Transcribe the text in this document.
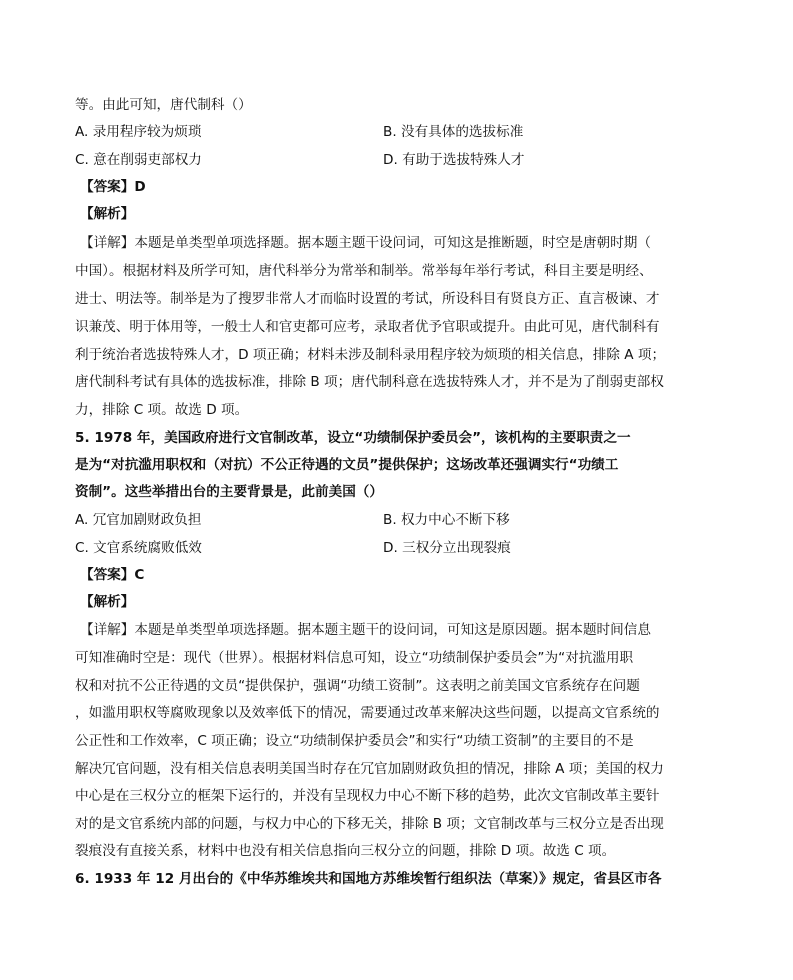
等。由此可知，唐代制科（）
A. 录用程序较为烦琐	B. 没有具体的选拔标准
C. 意在削弱吏部权力	D. 有助于选拔特殊人才
【答案】D
【解析】
【详解】本题是单类型单项选择题。据本题主题干设问词，可知这是推断题，时空是唐朝时期（
中国）。根据材料及所学可知，唐代科举分为常举和制举。常举每年举行考试，科目主要是明经、
进士、明法等。制举是为了搜罗非常人才而临时设置的考试，所设科目有贤良方正、直言极谏、才
识兼茂、明于体用等，一般士人和官吏都可应考，录取者优予官职或提升。由此可见，唐代制科有
利于统治者选拔特殊人才，D 项正确；材料未涉及制科录用程序较为烦琐的相关信息，排除 A 项；
唐代制科考试有具体的选拔标准，排除 B 项；唐代制科意在选拔特殊人才，并不是为了削弱吏部权
力，排除 C 项。故选 D 项。
5. 1978 年，美国政府进行文官制改革，设立“功绩制保护委员会”，该机构的主要职责之一
是为“对抗滥用职权和（对抗）不公正待遇的文员”提供保护；这场改革还强调实行“功绩工
资制”。这些举措出台的主要背景是，此前美国（）
A. 冗官加剧财政负担	B. 权力中心不断下移
C. 文官系统腐败低效	D. 三权分立出现裂痕
【答案】C
【解析】
【详解】本题是单类型单项选择题。据本题主题干的设问词，可知这是原因题。据本题时间信息
可知准确时空是：现代（世界）。根据材料信息可知，设立“功绩制保护委员会”为“对抗滥用职
权和对抗不公正待遇的文员“提供保护，强调“功绩工资制”。这表明之前美国文官系统存在问题
，如滥用职权等腐败现象以及效率低下的情况，需要通过改革来解决这些问题，以提高文官系统的
公正性和工作效率，C 项正确；设立“功绩制保护委员会”和实行“功绩工资制”的主要目的不是
解决冗官问题，没有相关信息表明美国当时存在冗官加剧财政负担的情况，排除 A 项；美国的权力
中心是在三权分立的框架下运行的，并没有呈现权力中心不断下移的趋势，此次文官制改革主要针
对的是文官系统内部的问题，与权力中心的下移无关，排除 B 项；文官制改革与三权分立是否出现
裂痕没有直接关系，材料中也没有相关信息指向三权分立的问题，排除 D 项。故选 C 项。
6. 1933 年 12 月出台的《中华苏维埃共和国地方苏维埃暂行组织法（草案）》规定，省县区市各
